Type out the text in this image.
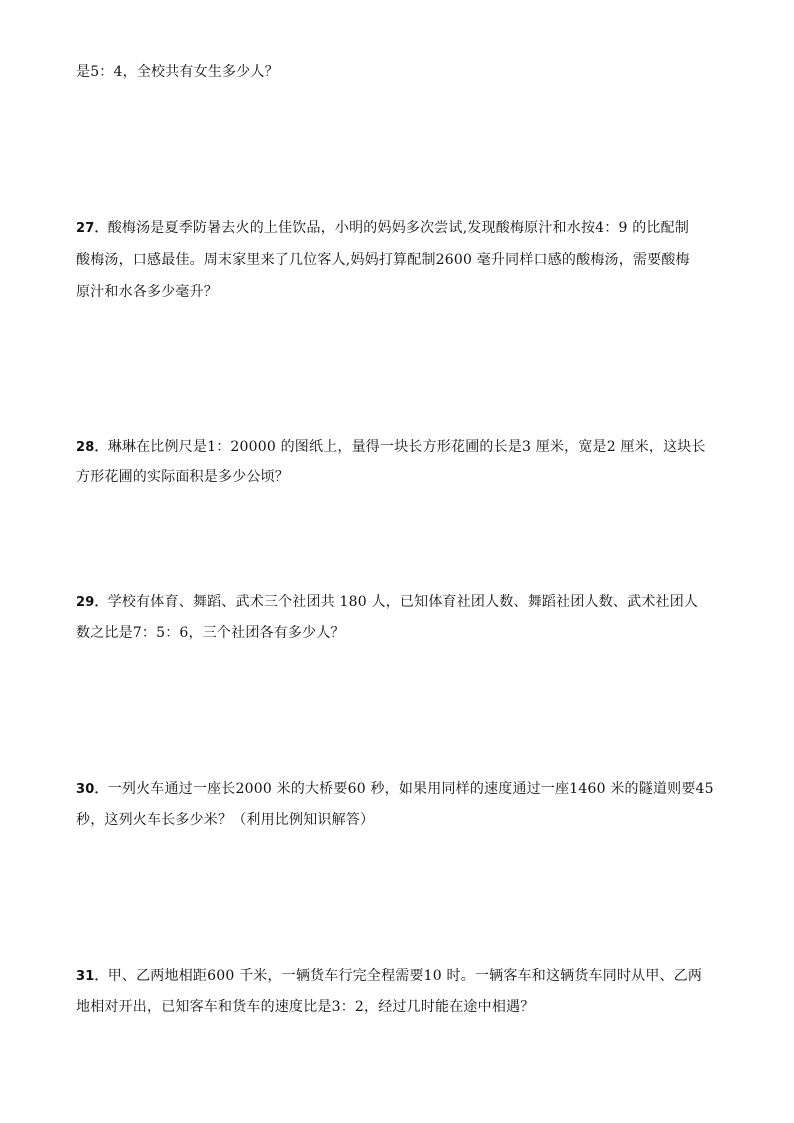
是5：4，全校共有女生多少人？
27．酸梅汤是夏季防暑去火的上佳饮品，小明的妈妈多次尝试,发现酸梅原汁和水按4：9 的比配制
酸梅汤，口感最佳。周末家里来了几位客人,妈妈打算配制2600 毫升同样口感的酸梅汤，需要酸梅
原汁和水各多少毫升？
28．琳琳在比例尺是1：20000 的图纸上，量得一块长方形花圃的长是3 厘米，宽是2 厘米，这块长
方形花圃的实际面积是多少公顷？
29．学校有体育、舞蹈、武术三个社团共 180 人，已知体育社团人数、舞蹈社团人数、武术社团人
数之比是7：5：6，三个社团各有多少人？
30．一列火车通过一座长2000 米的大桥要60 秒，如果用同样的速度通过一座1460 米的隧道则要45
秒，这列火车长多少米？（利用比例知识解答）
31．甲、乙两地相距600 千米，一辆货车行完全程需要10 时。一辆客车和这辆货车同时从甲、乙两
地相对开出，已知客车和货车的速度比是3：2，经过几时能在途中相遇？
